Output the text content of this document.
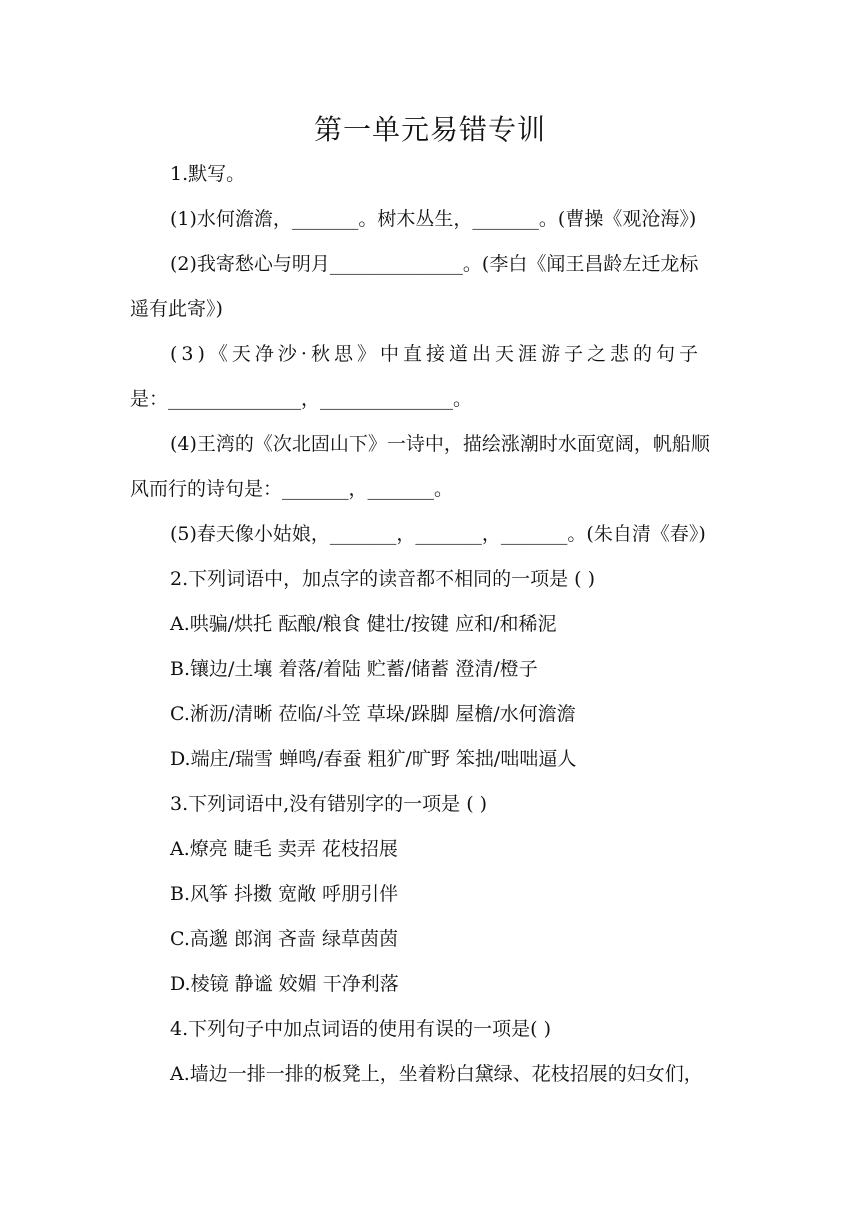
第一单元易错专训
1.默写。
(1)水何澹澹，_______。树木丛生，_______。(曹操《观沧海》)
(2)我寄愁心与明月______________。(李白《闻王昌龄左迁龙标
遥有此寄》)
(3)《天净沙·秋思》中直接道出天涯游子之悲的句子
是：______________，______________。
(4)王湾的《次北固山下》一诗中，描绘涨潮时水面宽阔，帆船顺
风而行的诗句是：_______，_______。
(5)春天像小姑娘，_______，_______，_______。(朱自清《春》)
2.下列词语中，加点字的读音都不相同的一项是 ( )
A.哄骗/烘托 酝酿/粮食 健壮/按键 应和/和稀泥
B.镶边/土壤 着落/着陆 贮蓄/储蓄 澄清/橙子
C.淅沥/清晰 莅临/斗笠 草垛/跺脚 屋檐/水何澹澹
D.端庄/瑞雪 蝉鸣/春蚕 粗犷/旷野 笨拙/咄咄逼人
3.下列词语中,没有错别字的一项是 ( )
A.燎亮 睫毛 卖弄 花枝招展
B.风筝 抖擞 宽敞 呼朋引伴
C.高邈 郎润 吝啬 绿草茵茵
D.棱镜 静谧 姣媚 干净利落
4.下列句子中加点词语的使用有误的一项是( )
A.墙边一排一排的板凳上，坐着粉白黛绿、花枝招展的妇女们，
